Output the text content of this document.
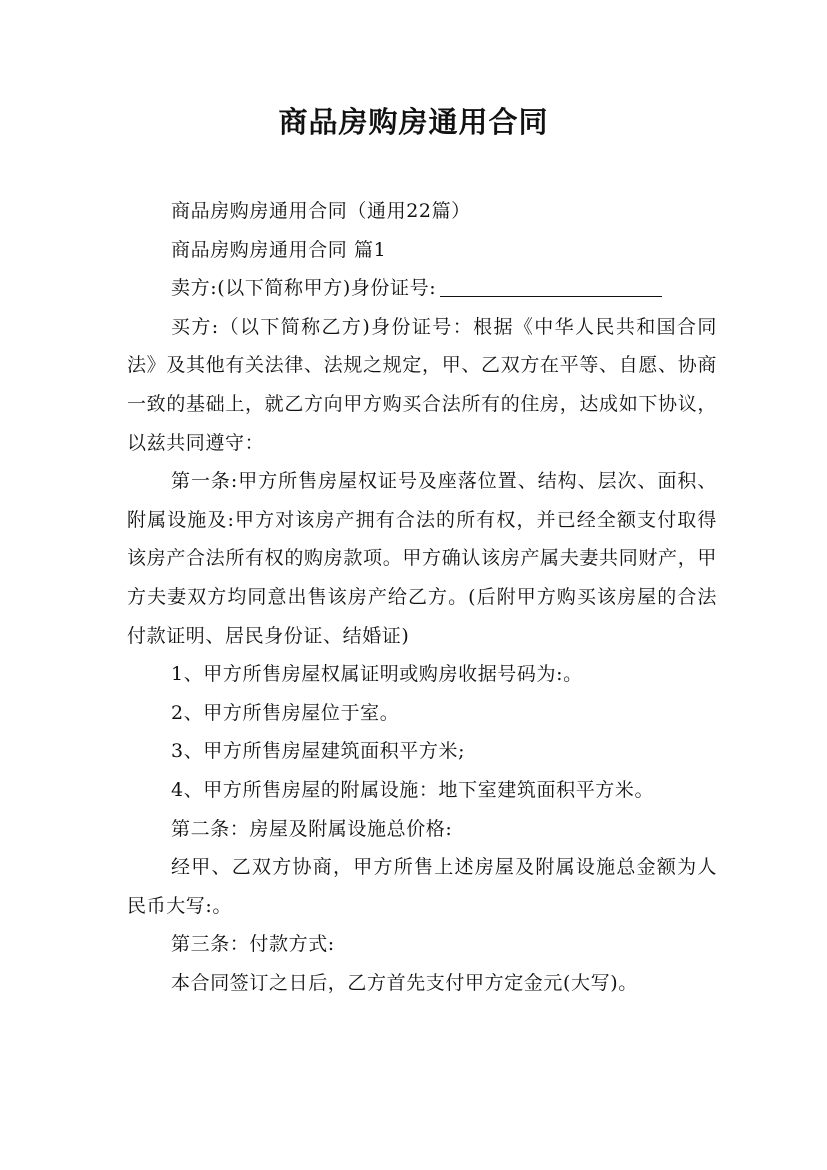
商品房购房通用合同

商品房购房通用合同（通用22篇）

商品房购房通用合同 篇1

卖方:(以下简称甲方)身份证号:

买方:（以下简称乙方)身份证号：根据《中华人民共和国合同法》及其他有关法律、法规之规定，甲、乙双方在平等、自愿、协商一致的基础上，就乙方向甲方购买合法所有的住房，达成如下协议，以兹共同遵守：

第一条:甲方所售房屋权证号及座落位置、结构、层次、面积、附属设施及:甲方对该房产拥有合法的所有权，并已经全额支付取得该房产合法所有权的购房款项。甲方确认该房产属夫妻共同财产，甲方夫妻双方均同意出售该房产给乙方。(后附甲方购买该房屋的合法付款证明、居民身份证、结婚证)

1、甲方所售房屋权属证明或购房收据号码为:。

2、甲方所售房屋位于室。

3、甲方所售房屋建筑面积平方米;

4、甲方所售房屋的附属设施：地下室建筑面积平方米。

第二条：房屋及附属设施总价格:

经甲、乙双方协商，甲方所售上述房屋及附属设施总金额为人民币大写:。

第三条：付款方式:

本合同签订之日后，乙方首先支付甲方定金元(大写)。
